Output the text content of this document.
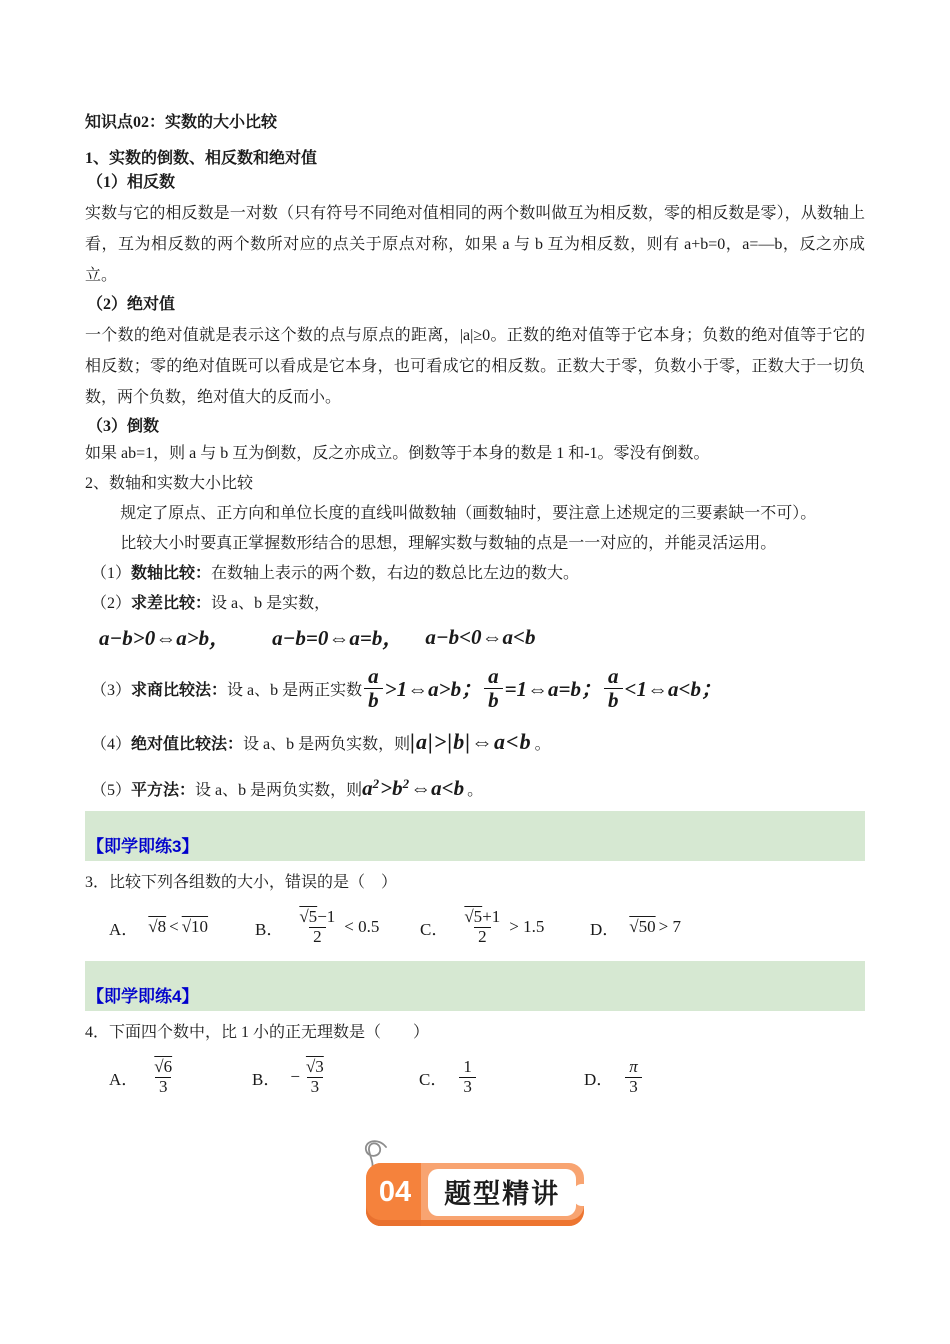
知识点02：实数的大小比较

1、实数的倒数、相反数和绝对值

（1）相反数

实数与它的相反数是一对数（只有符号不同绝对值相同的两个数叫做互为相反数，零的相反数是零），从数轴上看，互为相反数的两个数所对应的点关于原点对称，如果 a 与 b 互为相反数，则有 a+b=0，a=—b，反之亦成立。

（2）绝对值

一个数的绝对值就是表示这个数的点与原点的距离，|a|≥0。正数的绝对值等于它本身；负数的绝对值等于它的相反数；零的绝对值既可以看成是它本身，也可看成它的相反数。正数大于零，负数小于零，正数大于一切负数，两个负数，绝对值大的反而小。

（3）倒数

如果 ab=1，则 a 与 b 互为倒数，反之亦成立。倒数等于本身的数是 1 和-1。零没有倒数。

2、数轴和实数大小比较

规定了原点、正方向和单位长度的直线叫做数轴（画数轴时，要注意上述规定的三要素缺一不可）。

比较大小时要真正掌握数形结合的思想，理解实数与数轴的点是一一对应的，并能灵活运用。

（1）数轴比较：在数轴上表示的两个数，右边的数总比左边的数大。

（2）求差比较：设 a、b 是实数，

a−b>0⇔a>b， a−b=0⇔a=b， a−b<0⇔a<b
（3） 求商比较法： 设 a、b 是两正实数 $\frac{a}{b}$ >1⇔a>b； $\frac{a}{b}$ =1⇔a=b； $\frac{a}{b}$ <1⇔a<b；
（4） 绝对值比较法： 设 a、b 是两负实数，则 |a|>|b|⇔a<b 。
（5） 平方法： 设 a、b 是两负实数，则 $a^2>b^2\Leftrightarrow a<b$ 。
【即学即练3】

3．比较下列各组数的大小，错误的是（　）

A． √8 < √10	B． $\frac{√5-1}{2} < 0.5$ C． $\frac{√5+1}{2} > 1.5$	D． √50 > 7
【即学即练4】

4．下面四个数中，比 1 小的正无理数是（　　）

A． $\frac{√6}{3}$	B． − $\frac{√3}{3}$	C． $\frac{1}{3}$	D． $\frac{\pi}{3}$
04	题型精讲
